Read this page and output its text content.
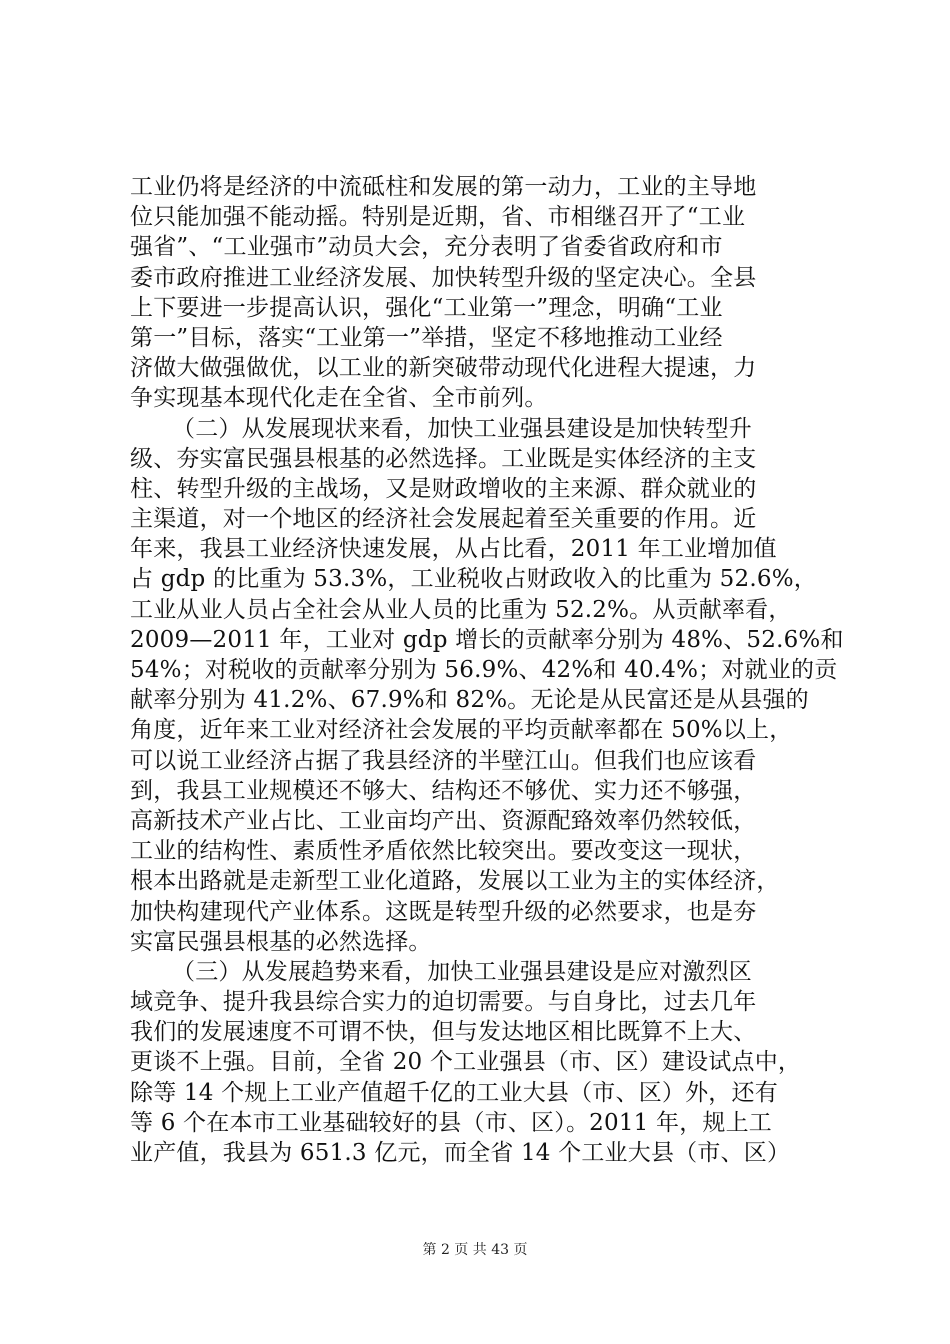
工业仍将是经济的中流砥柱和发展的第一动力，工业的主导地
位只能加强不能动摇。特别是近期，省、市相继召开了“工业
强省”、“工业强市”动员大会，充分表明了省委省政府和市
委市政府推进工业经济发展、加快转型升级的坚定决心。全县
上下要进一步提高认识，强化“工业第一”理念，明确“工业
第一”目标，落实“工业第一”举措，坚定不移地推动工业经
济做大做强做优，以工业的新突破带动现代化进程大提速，力
争实现基本现代化走在全省、全市前列。
（二）从发展现状来看，加快工业强县建设是加快转型升
级、夯实富民强县根基的必然选择。工业既是实体经济的主支
柱、转型升级的主战场，又是财政增收的主来源、群众就业的
主渠道，对一个地区的经济社会发展起着至关重要的作用。近
年来，我县工业经济快速发展，从占比看，2011 年工业增加值
占 gdp 的比重为 53.3%，工业税收占财政收入的比重为 52.6%，
工业从业人员占全社会从业人员的比重为 52.2%。从贡献率看，
2009—2011 年，工业对 gdp 增长的贡献率分别为 48%、52.6%和
54%；对税收的贡献率分别为 56.9%、42%和 40.4%；对就业的贡
献率分别为 41.2%、67.9%和 82%。无论是从民富还是从县强的
角度，近年来工业对经济社会发展的平均贡献率都在 50%以上，
可以说工业经济占据了我县经济的半壁江山。但我们也应该看
到，我县工业规模还不够大、结构还不够优、实力还不够强，
高新技术产业占比、工业亩均产出、资源配臵效率仍然较低，
工业的结构性、素质性矛盾依然比较突出。要改变这一现状，
根本出路就是走新型工业化道路，发展以工业为主的实体经济，
加快构建现代产业体系。这既是转型升级的必然要求，也是夯
实富民强县根基的必然选择。
（三）从发展趋势来看，加快工业强县建设是应对激烈区
域竞争、提升我县综合实力的迫切需要。与自身比，过去几年
我们的发展速度不可谓不快，但与发达地区相比既算不上大、
更谈不上强。目前，全省 20 个工业强县（市、区）建设试点中，
除等 14 个规上工业产值超千亿的工业大县（市、区）外，还有
等 6 个在本市工业基础较好的县（市、区）。2011 年，规上工
业产值，我县为 651.3 亿元，而全省 14 个工业大县（市、区）
第 2 页 共 43 页
